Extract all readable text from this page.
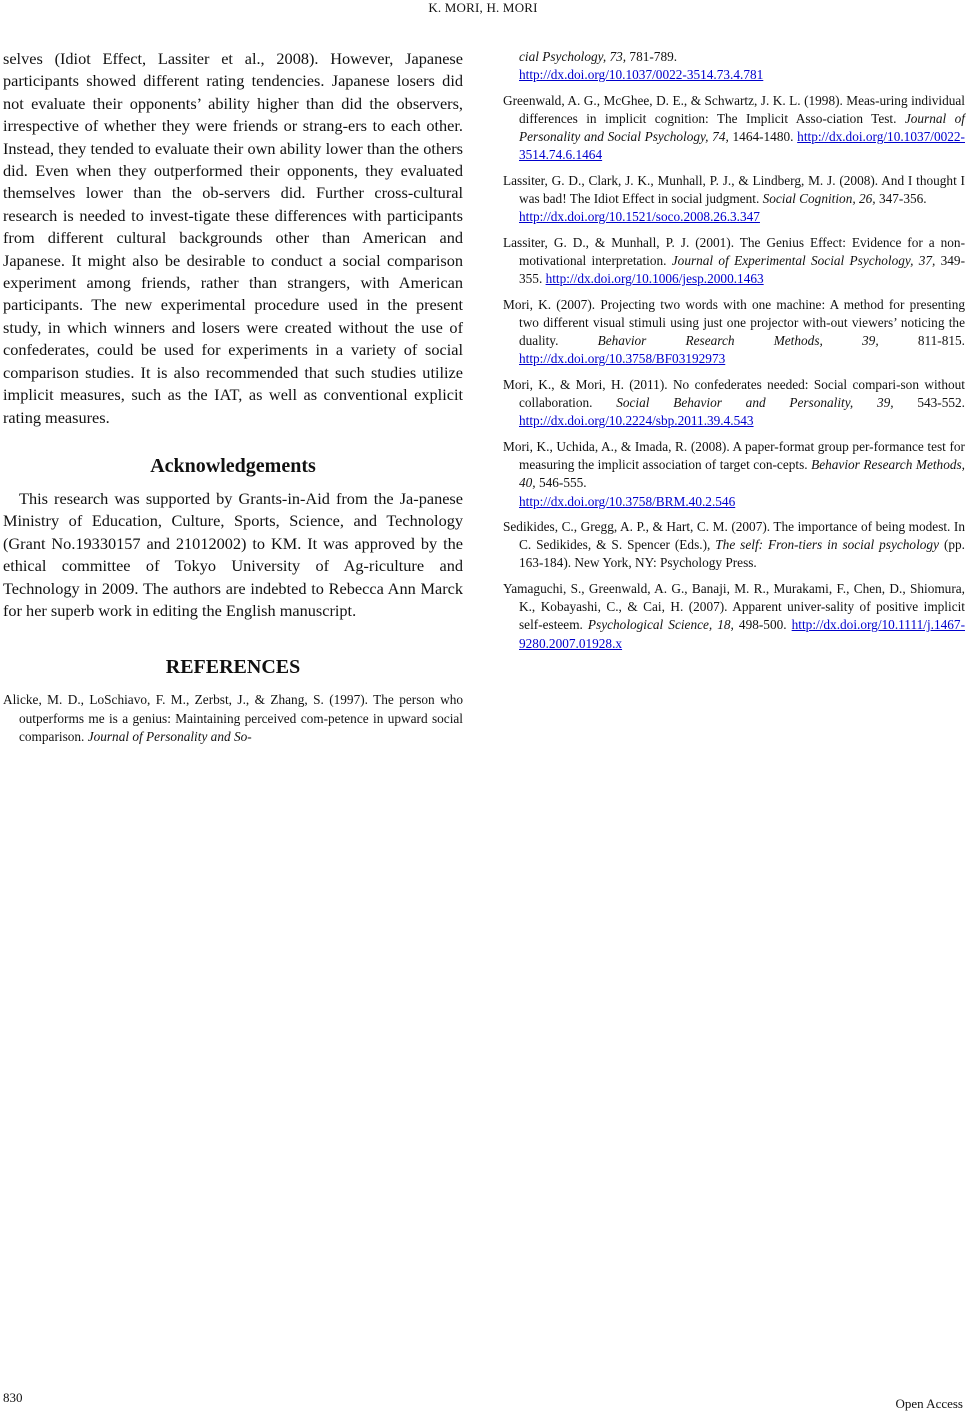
K. MORI, H. MORI

selves (Idiot Effect, Lassiter et al., 2008). However, Japanese participants showed different rating tendencies. Japanese losers did not evaluate their opponents’ ability higher than did the observers, irrespective of whether they were friends or strang-ers to each other. Instead, they tended to evaluate their own ability lower than the others did. Even when they outperformed their opponents, they evaluated themselves lower than the ob-servers did. Further cross-cultural research is needed to invest-tigate these differences with participants from different cultural backgrounds other than American and Japanese. It might also be desirable to conduct a social comparison experiment among friends, rather than strangers, with American participants. The new experimental procedure used in the present study, in which winners and losers were created without the use of confederates, could be used for experiments in a variety of social comparison studies. It is also recommended that such studies utilize implicit measures, such as the IAT, as well as conventional explicit rating measures.

Acknowledgements

This research was supported by Grants-in-Aid from the Ja-panese Ministry of Education, Culture, Sports, Science, and Technology (Grant No.19330157 and 21012002) to KM. It was approved by the ethical committee of Tokyo University of Ag-riculture and Technology in 2009. The authors are indebted to Rebecca Ann Marck for her superb work in editing the English manuscript.

REFERENCES

Alicke, M. D., LoSchiavo, F. M., Zerbst, J., & Zhang, S. (1997). The person who outperforms me is a genius: Maintaining perceived com-petence in upward social comparison. Journal of Personality and So-

cial Psychology, 73, 781-789.
http://dx.doi.org/10.1037/0022-3514.73.4.781

Greenwald, A. G., McGhee, D. E., & Schwartz, J. K. L. (1998). Meas-uring individual differences in implicit cognition: The Implicit Asso-ciation Test. Journal of Personality and Social Psychology, 74, 1464-1480. http://dx.doi.org/10.1037/0022-3514.74.6.1464

Lassiter, G. D., Clark, J. K., Munhall, P. J., & Lindberg, M. J. (2008). And I thought I was bad! The Idiot Effect in social judgment. Social Cognition, 26, 347-356.
http://dx.doi.org/10.1521/soco.2008.26.3.347

Lassiter, G. D., & Munhall, P. J. (2001). The Genius Effect: Evidence for a non-motivational interpretation. Journal of Experimental Social Psychology, 37, 349-355. http://dx.doi.org/10.1006/jesp.2000.1463

Mori, K. (2007). Projecting two words with one machine: A method for presenting two different visual stimuli using just one projector with-out viewers’ noticing the duality. Behavior Research Methods, 39, 811-815. http://dx.doi.org/10.3758/BF03192973

Mori, K., & Mori, H. (2011). No confederates needed: Social compari-son without collaboration. Social Behavior and Personality, 39, 543-552. http://dx.doi.org/10.2224/sbp.2011.39.4.543

Mori, K., Uchida, A., & Imada, R. (2008). A paper-format group per-formance test for measuring the implicit association of target con-cepts. Behavior Research Methods, 40, 546-555.
http://dx.doi.org/10.3758/BRM.40.2.546

Sedikides, C., Gregg, A. P., & Hart, C. M. (2007). The importance of being modest. In C. Sedikides, & S. Spencer (Eds.), The self: Fron-tiers in social psychology (pp. 163-184). New York, NY: Psychology Press.

Yamaguchi, S., Greenwald, A. G., Banaji, M. R., Murakami, F., Chen, D., Shiomura, K., Kobayashi, C., & Cai, H. (2007). Apparent univer-sality of positive implicit self-esteem. Psychological Science, 18, 498-500. http://dx.doi.org/10.1111/j.1467-9280.2007.01928.x

830	Open Access
